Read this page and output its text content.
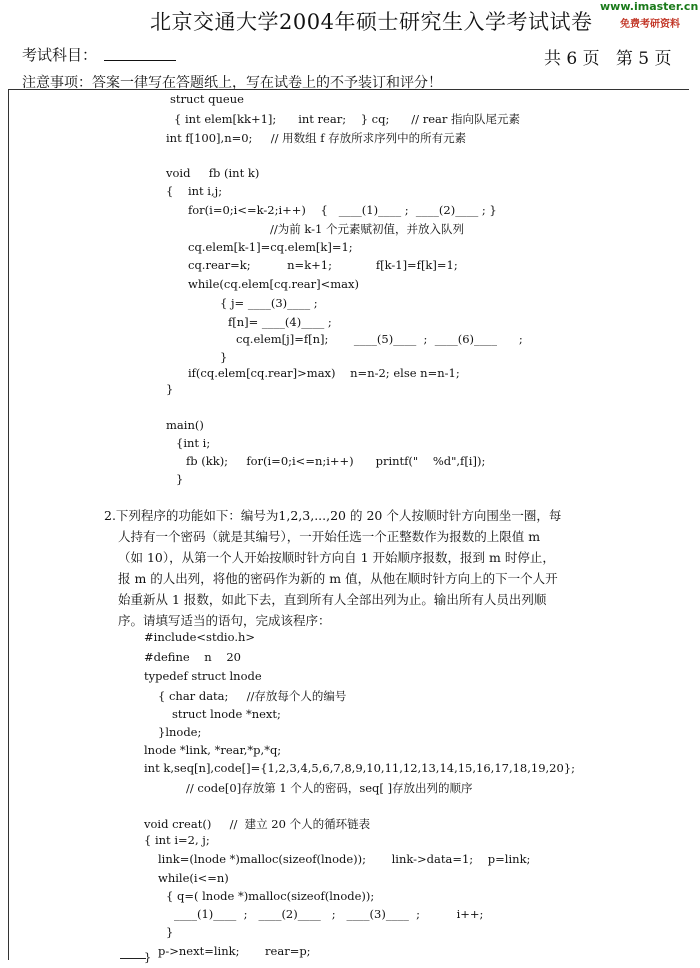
北京交通大学2004年硕士研究生入学考试试卷
www.imaster.cn
免费考研资料
考试科目：	共 6 页   第 5 页
注意事项：答案一律写在答题纸上，写在试卷上的不予装订和评分！
struct queue
{ int elem[kk+1];      int rear;    } cq;      // rear 指向队尾元素
int f[100],n=0;     // 用数组 f 存放所求序列中的所有元素
void     fb (int k)
{    int i,j;
for(i=0;i<=k-2;i++)    {   ____(1)____ ;  ____(2)____ ; }
//为前 k-1 个元素赋初值，并放入队列
cq.elem[k-1]=cq.elem[k]=1;
cq.rear=k;          n=k+1;            f[k-1]=f[k]=1;
while(cq.elem[cq.rear]<max)
{ j= ____(3)____ ;
f[n]= ____(4)____ ;
cq.elem[j]=f[n];       ____(5)____  ;  ____(6)____      ;
}
if(cq.elem[cq.rear]>max)    n=n-2; else n=n-1;
}
main()
{int i;
fb (kk);     for(i=0;i<=n;i++)      printf("    %d",f[i]);
}
2.下列程序的功能如下：编号为1,2,3,...,20 的 20 个人按顺时针方向围坐一圈，每
人持有一个密码（就是其编号），一开始任选一个正整数作为报数的上限值 m
（如 10），从第一个人开始按顺时针方向自 1 开始顺序报数，报到 m 时停止，
报 m 的人出列，将他的密码作为新的 m 值，从他在顺时针方向上的下一个人开
始重新从 1 报数，如此下去，直到所有人全部出列为止。输出所有人员出列顺
序。请填写适当的语句，完成该程序：
#include<stdio.h>
#define    n    20
typedef struct lnode
{ char data;     //存放每个人的编号
struct lnode *next;
}lnode;
lnode *link, *rear,*p,*q;
int k,seq[n],code[]={1,2,3,4,5,6,7,8,9,10,11,12,13,14,15,16,17,18,19,20};
// code[0]存放第 1 个人的密码，seq[ ]存放出列的顺序
void creat()     //  建立 20 个人的循环链表
{ int i=2, j;
link=(lnode *)malloc(sizeof(lnode));       link->data=1;    p=link;
while(i<=n)
{ q=( lnode *)malloc(sizeof(lnode));
____(1)____  ;   ____(2)____   ;   ____(3)____  ;          i++;
}
p->next=link;       rear=p;
}
